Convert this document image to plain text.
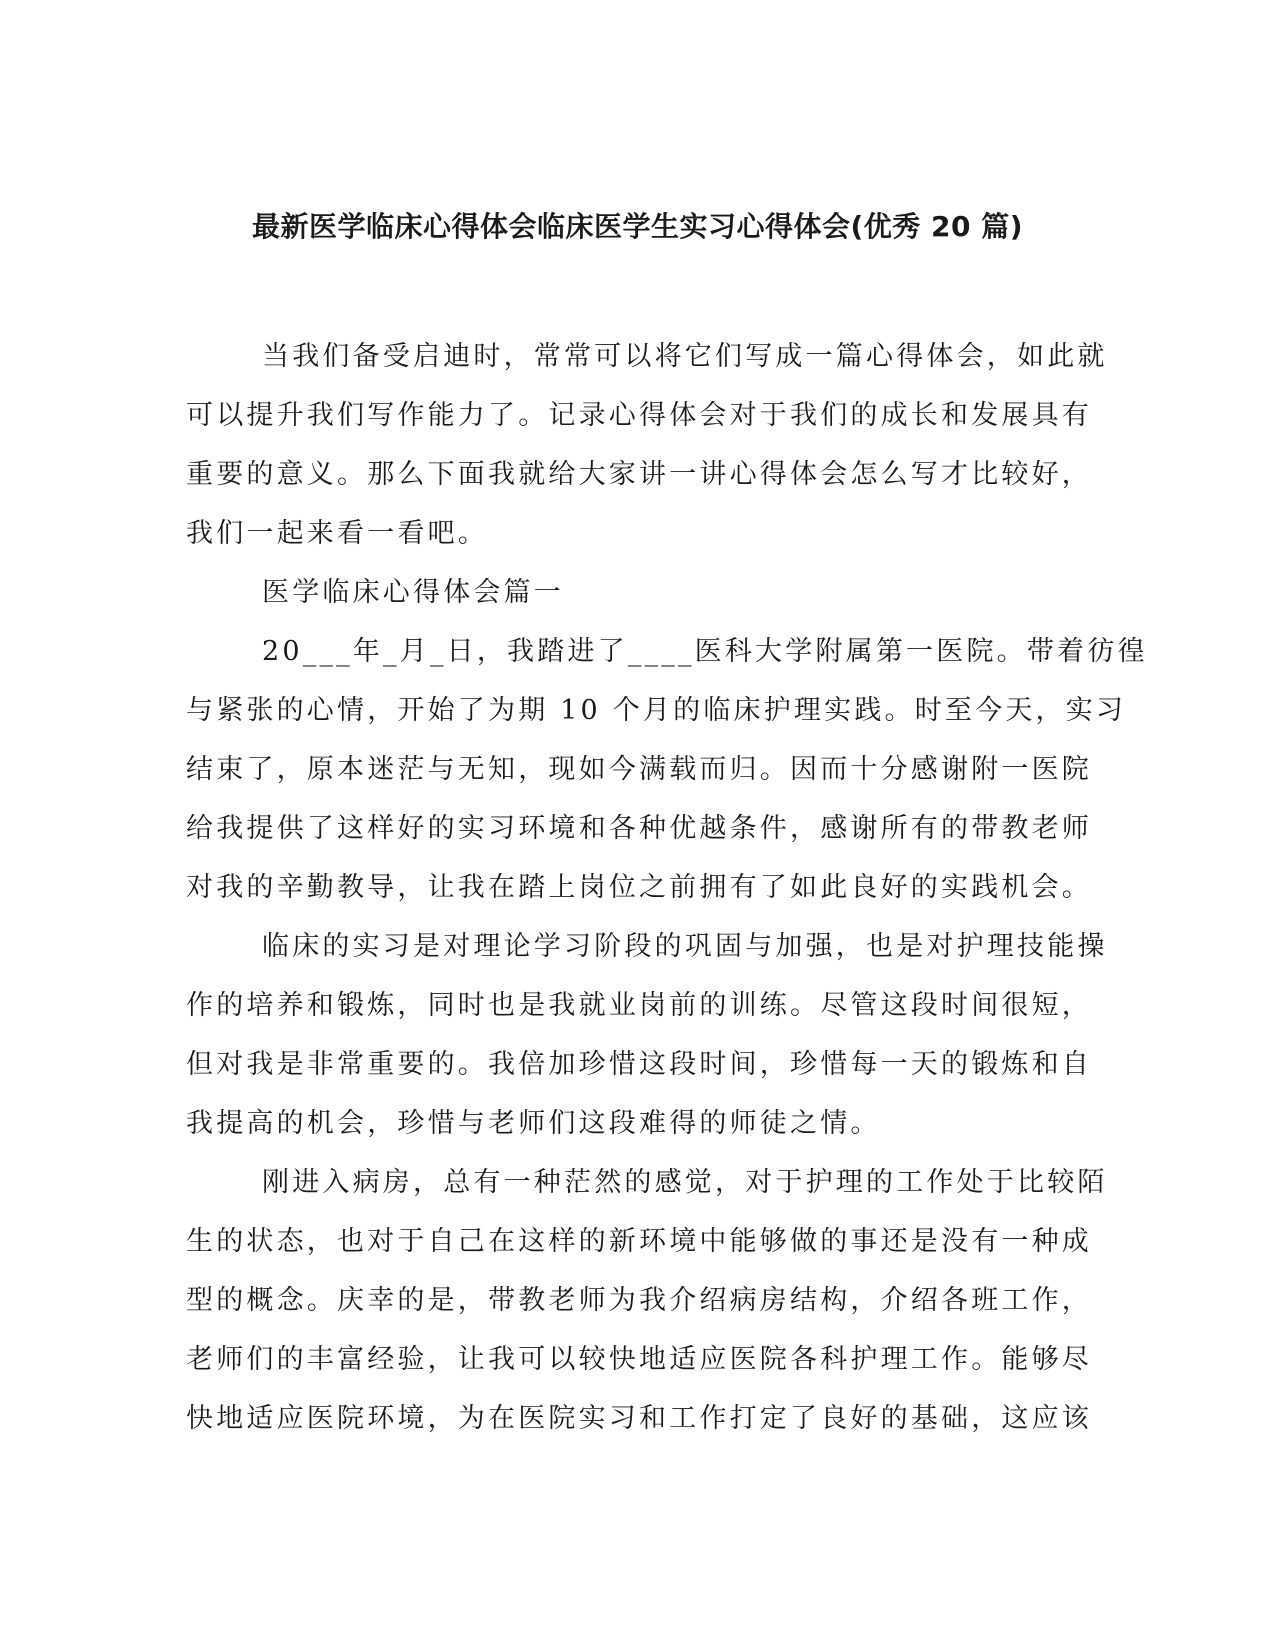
最新医学临床心得体会临床医学生实习心得体会(优秀 20 篇)

当我们备受启迪时，常常可以将它们写成一篇心得体会，如此就
可以提升我们写作能力了。记录心得体会对于我们的成长和发展具有
重要的意义。那么下面我就给大家讲一讲心得体会怎么写才比较好，
我们一起来看一看吧。

医学临床心得体会篇一

20___年_月_日，我踏进了____医科大学附属第一医院。带着彷徨
与紧张的心情，开始了为期 10 个月的临床护理实践。时至今天，实习
结束了，原本迷茫与无知，现如今满载而归。因而十分感谢附一医院
给我提供了这样好的实习环境和各种优越条件，感谢所有的带教老师
对我的辛勤教导，让我在踏上岗位之前拥有了如此良好的实践机会。

临床的实习是对理论学习阶段的巩固与加强，也是对护理技能操
作的培养和锻炼，同时也是我就业岗前的训练。尽管这段时间很短，
但对我是非常重要的。我倍加珍惜这段时间，珍惜每一天的锻炼和自
我提高的机会，珍惜与老师们这段难得的师徒之情。

刚进入病房，总有一种茫然的感觉，对于护理的工作处于比较陌
生的状态，也对于自己在这样的新环境中能够做的事还是没有一种成
型的概念。庆幸的是，带教老师为我介绍病房结构，介绍各班工作，
老师们的丰富经验，让我可以较快地适应医院各科护理工作。能够尽
快地适应医院环境，为在医院实习和工作打定了良好的基础，这应该
